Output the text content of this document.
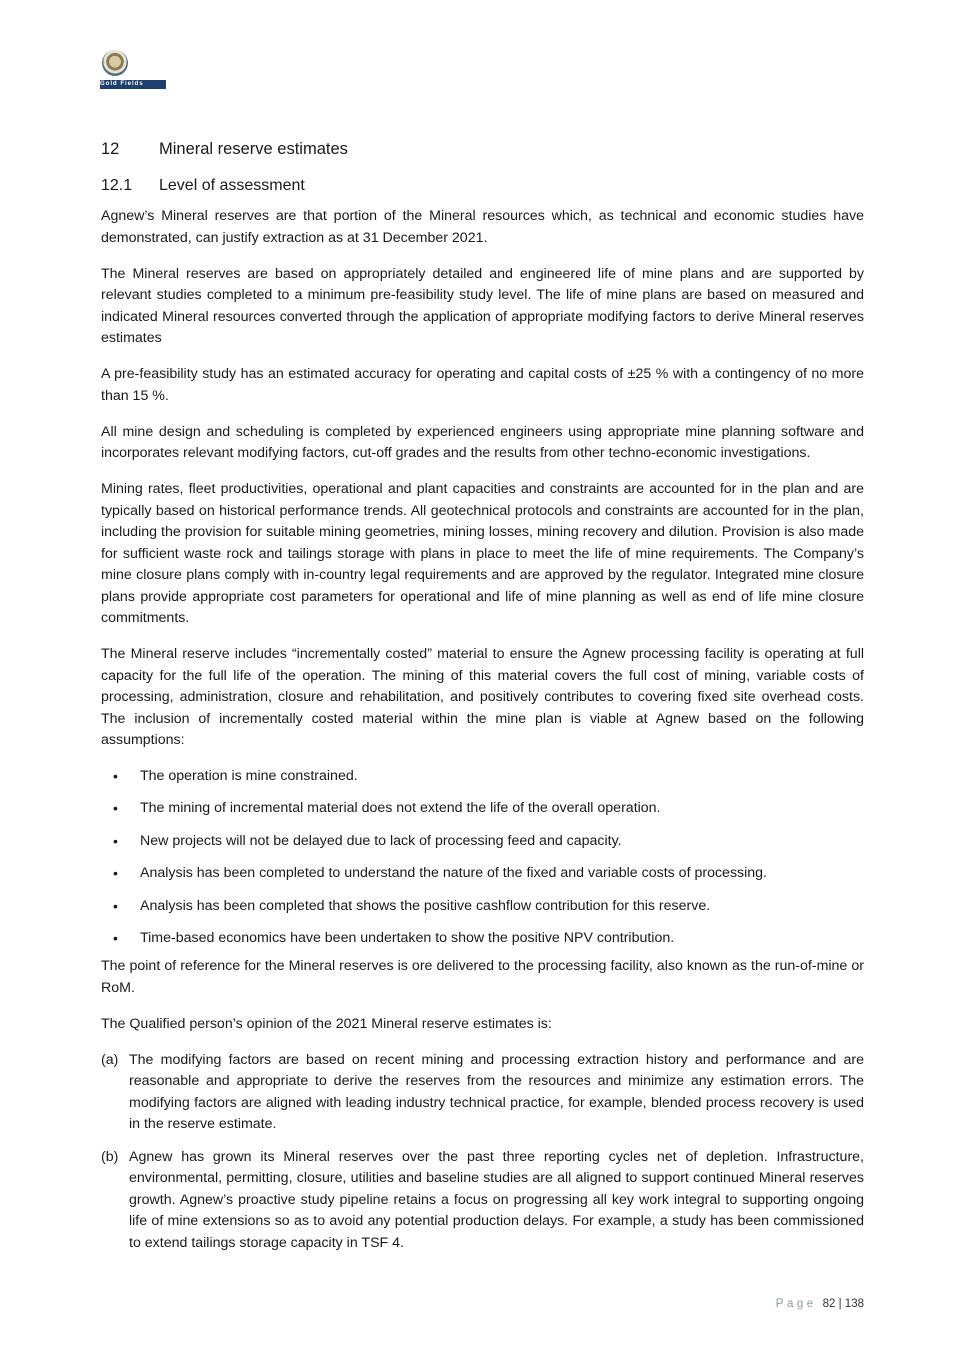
Gold Fields
12	Mineral reserve estimates
12.1	Level of assessment

Agnew’s Mineral reserves are that portion of the Mineral resources which, as technical and economic studies have demonstrated, can justify extraction as at 31 December 2021.

The Mineral reserves are based on appropriately detailed and engineered life of mine plans and are supported by relevant studies completed to a minimum pre-feasibility study level. The life of mine plans are based on measured and indicated Mineral resources converted through the application of appropriate modifying factors to derive Mineral reserves estimates

A pre-feasibility study has an estimated accuracy for operating and capital costs of ±25 % with a contingency of no more than 15 %.

All mine design and scheduling is completed by experienced engineers using appropriate mine planning software and incorporates relevant modifying factors, cut-off grades and the results from other techno-economic investigations.

Mining rates, fleet productivities, operational and plant capacities and constraints are accounted for in the plan and are typically based on historical performance trends. All geotechnical protocols and constraints are accounted for in the plan, including the provision for suitable mining geometries, mining losses, mining recovery and dilution. Provision is also made for sufficient waste rock and tailings storage with plans in place to meet the life of mine requirements. The Company’s mine closure plans comply with in-country legal requirements and are approved by the regulator. Integrated mine closure plans provide appropriate cost parameters for operational and life of mine planning as well as end of life mine closure commitments.

The Mineral reserve includes “incrementally costed” material to ensure the Agnew processing facility is operating at full capacity for the full life of the operation. The mining of this material covers the full cost of mining, variable costs of processing, administration, closure and rehabilitation, and positively contributes to covering fixed site overhead costs. The inclusion of incrementally costed material within the mine plan is viable at Agnew based on the following assumptions:

• The operation is mine constrained.
• The mining of incremental material does not extend the life of the overall operation.
• New projects will not be delayed due to lack of processing feed and capacity.
• Analysis has been completed to understand the nature of the fixed and variable costs of processing.
• Analysis has been completed that shows the positive cashflow contribution for this reserve.
• Time-based economics have been undertaken to show the positive NPV contribution.

The point of reference for the Mineral reserves is ore delivered to the processing facility, also known as the run-of-mine or RoM.

The Qualified person’s opinion of the 2021 Mineral reserve estimates is:

(a) The modifying factors are based on recent mining and processing extraction history and performance and are reasonable and appropriate to derive the reserves from the resources and minimize any estimation errors. The modifying factors are aligned with leading industry technical practice, for example, blended process recovery is used in the reserve estimate.
(b) Agnew has grown its Mineral reserves over the past three reporting cycles net of depletion. Infrastructure, environmental, permitting, closure, utilities and baseline studies are all aligned to support continued Mineral reserves growth. Agnew’s proactive study pipeline retains a focus on progressing all key work integral to supporting ongoing life of mine extensions so as to avoid any potential production delays. For example, a study has been commissioned to extend tailings storage capacity in TSF 4.
Page 82 | 138
